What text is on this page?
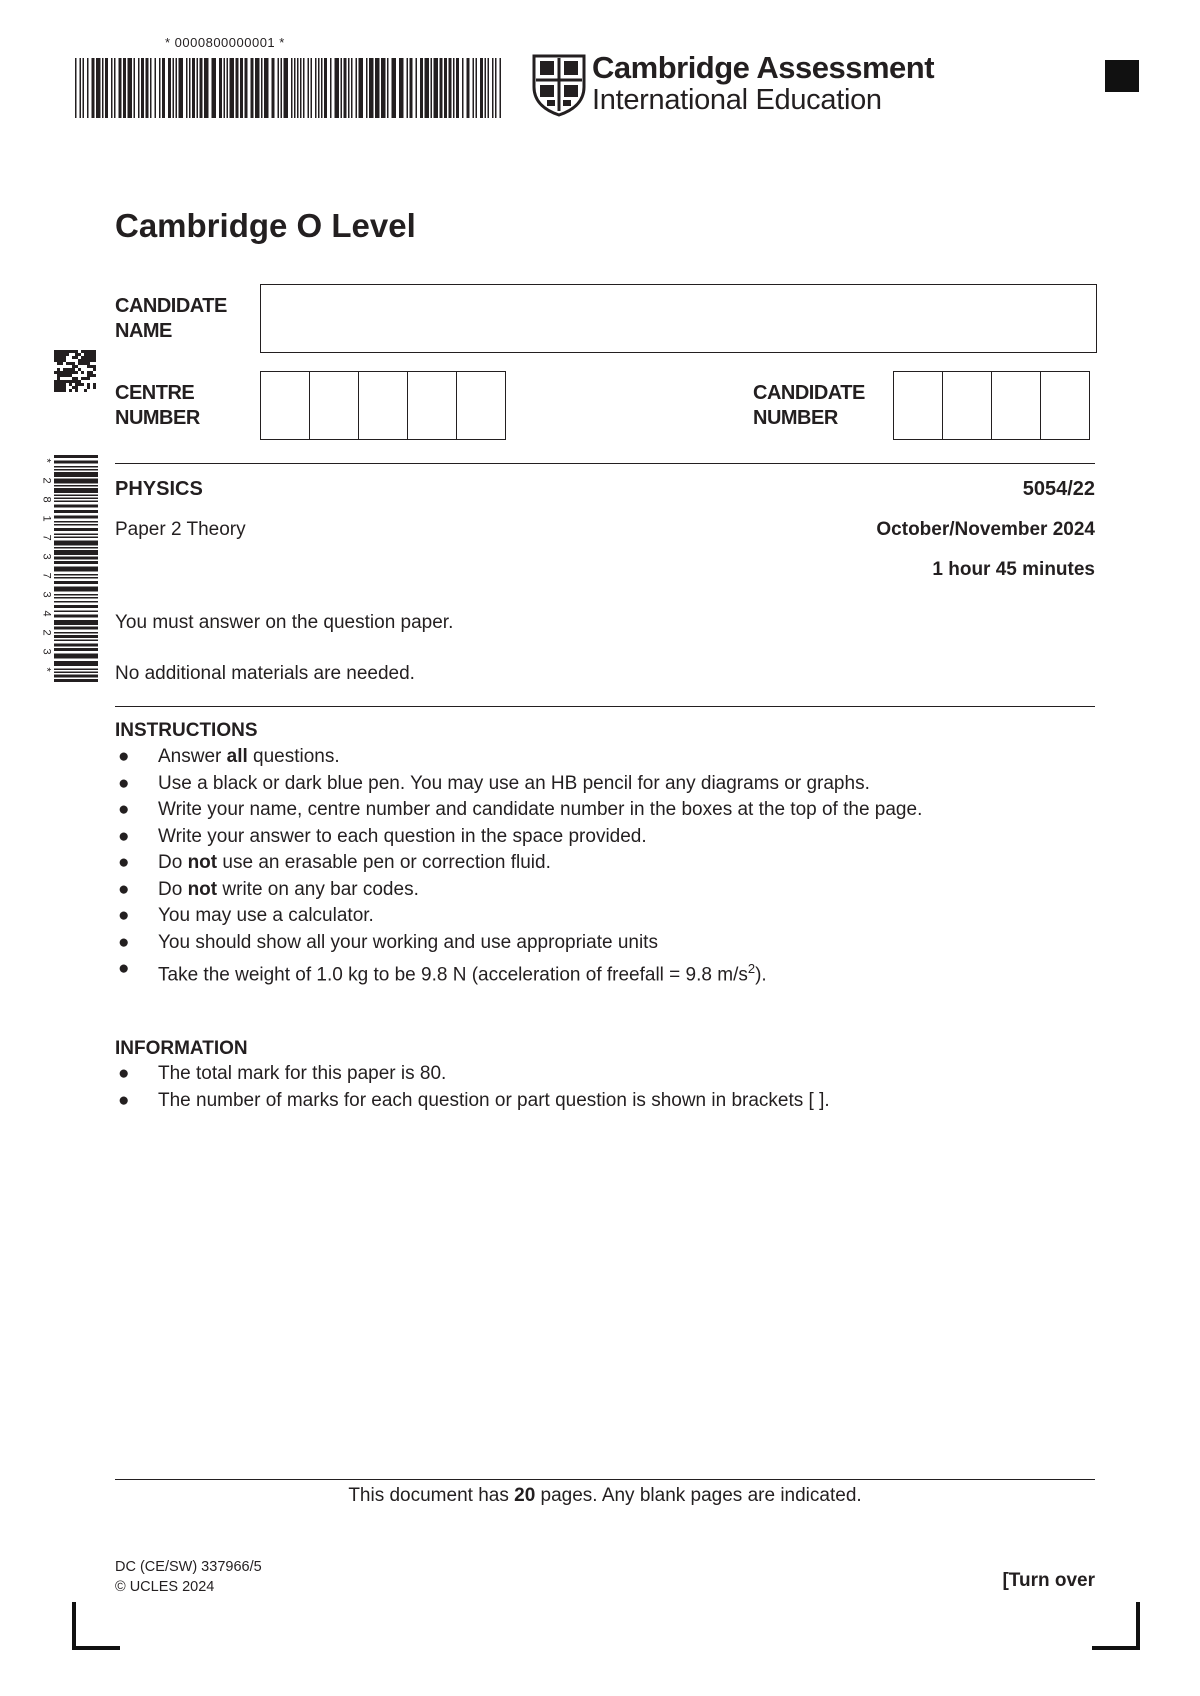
* 0000800000001 *
Cambridge Assessment
International Education
*
2
8
1
7
3
7
3
4
2
3
*
Cambridge O Level
CANDIDATE
NAME
CENTRE
NUMBER
CANDIDATE
NUMBER
PHYSICS	5054/22
Paper 2 Theory	October/November 2024
1 hour 45 minutes
You must answer on the question paper.
No additional materials are needed.
INSTRUCTIONS
● Answer all questions.
● Use a black or dark blue pen. You may use an HB pencil for any diagrams or graphs.
● Write your name, centre number and candidate number in the boxes at the top of the page.
● Write your answer to each question in the space provided.
● Do not use an erasable pen or correction fluid.
● Do not write on any bar codes.
● You may use a calculator.
● You should show all your working and use appropriate units
● Take the weight of 1.0 kg to be 9.8 N (acceleration of freefall = 9.8 $m/s^2$).
INFORMATION
● The total mark for this paper is 80.
● The number of marks for each question or part question is shown in brackets [ ].
This document has 20 pages. Any blank pages are indicated.
DC (CE/SW) 337966/5
© UCLES 2024	[Turn over
